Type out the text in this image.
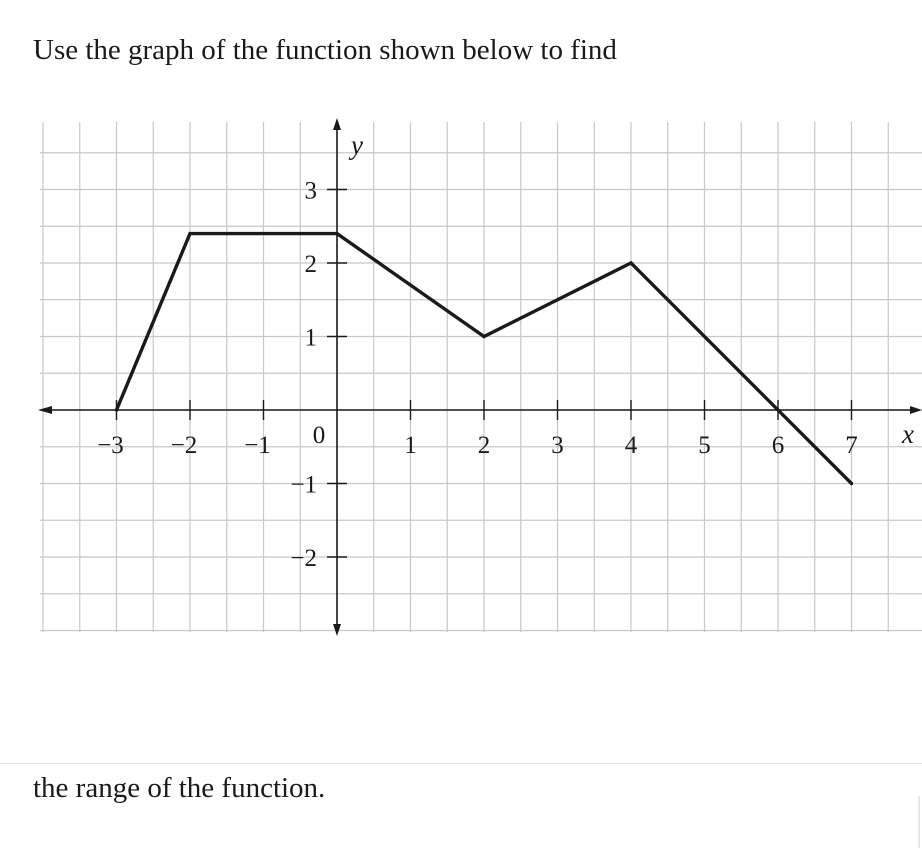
Use the graph of the function shown below to find
−3 −2 −1	1 2 3 4 5 6 7
−2
−1
1
2
3
0
y
x

the range of the function.
